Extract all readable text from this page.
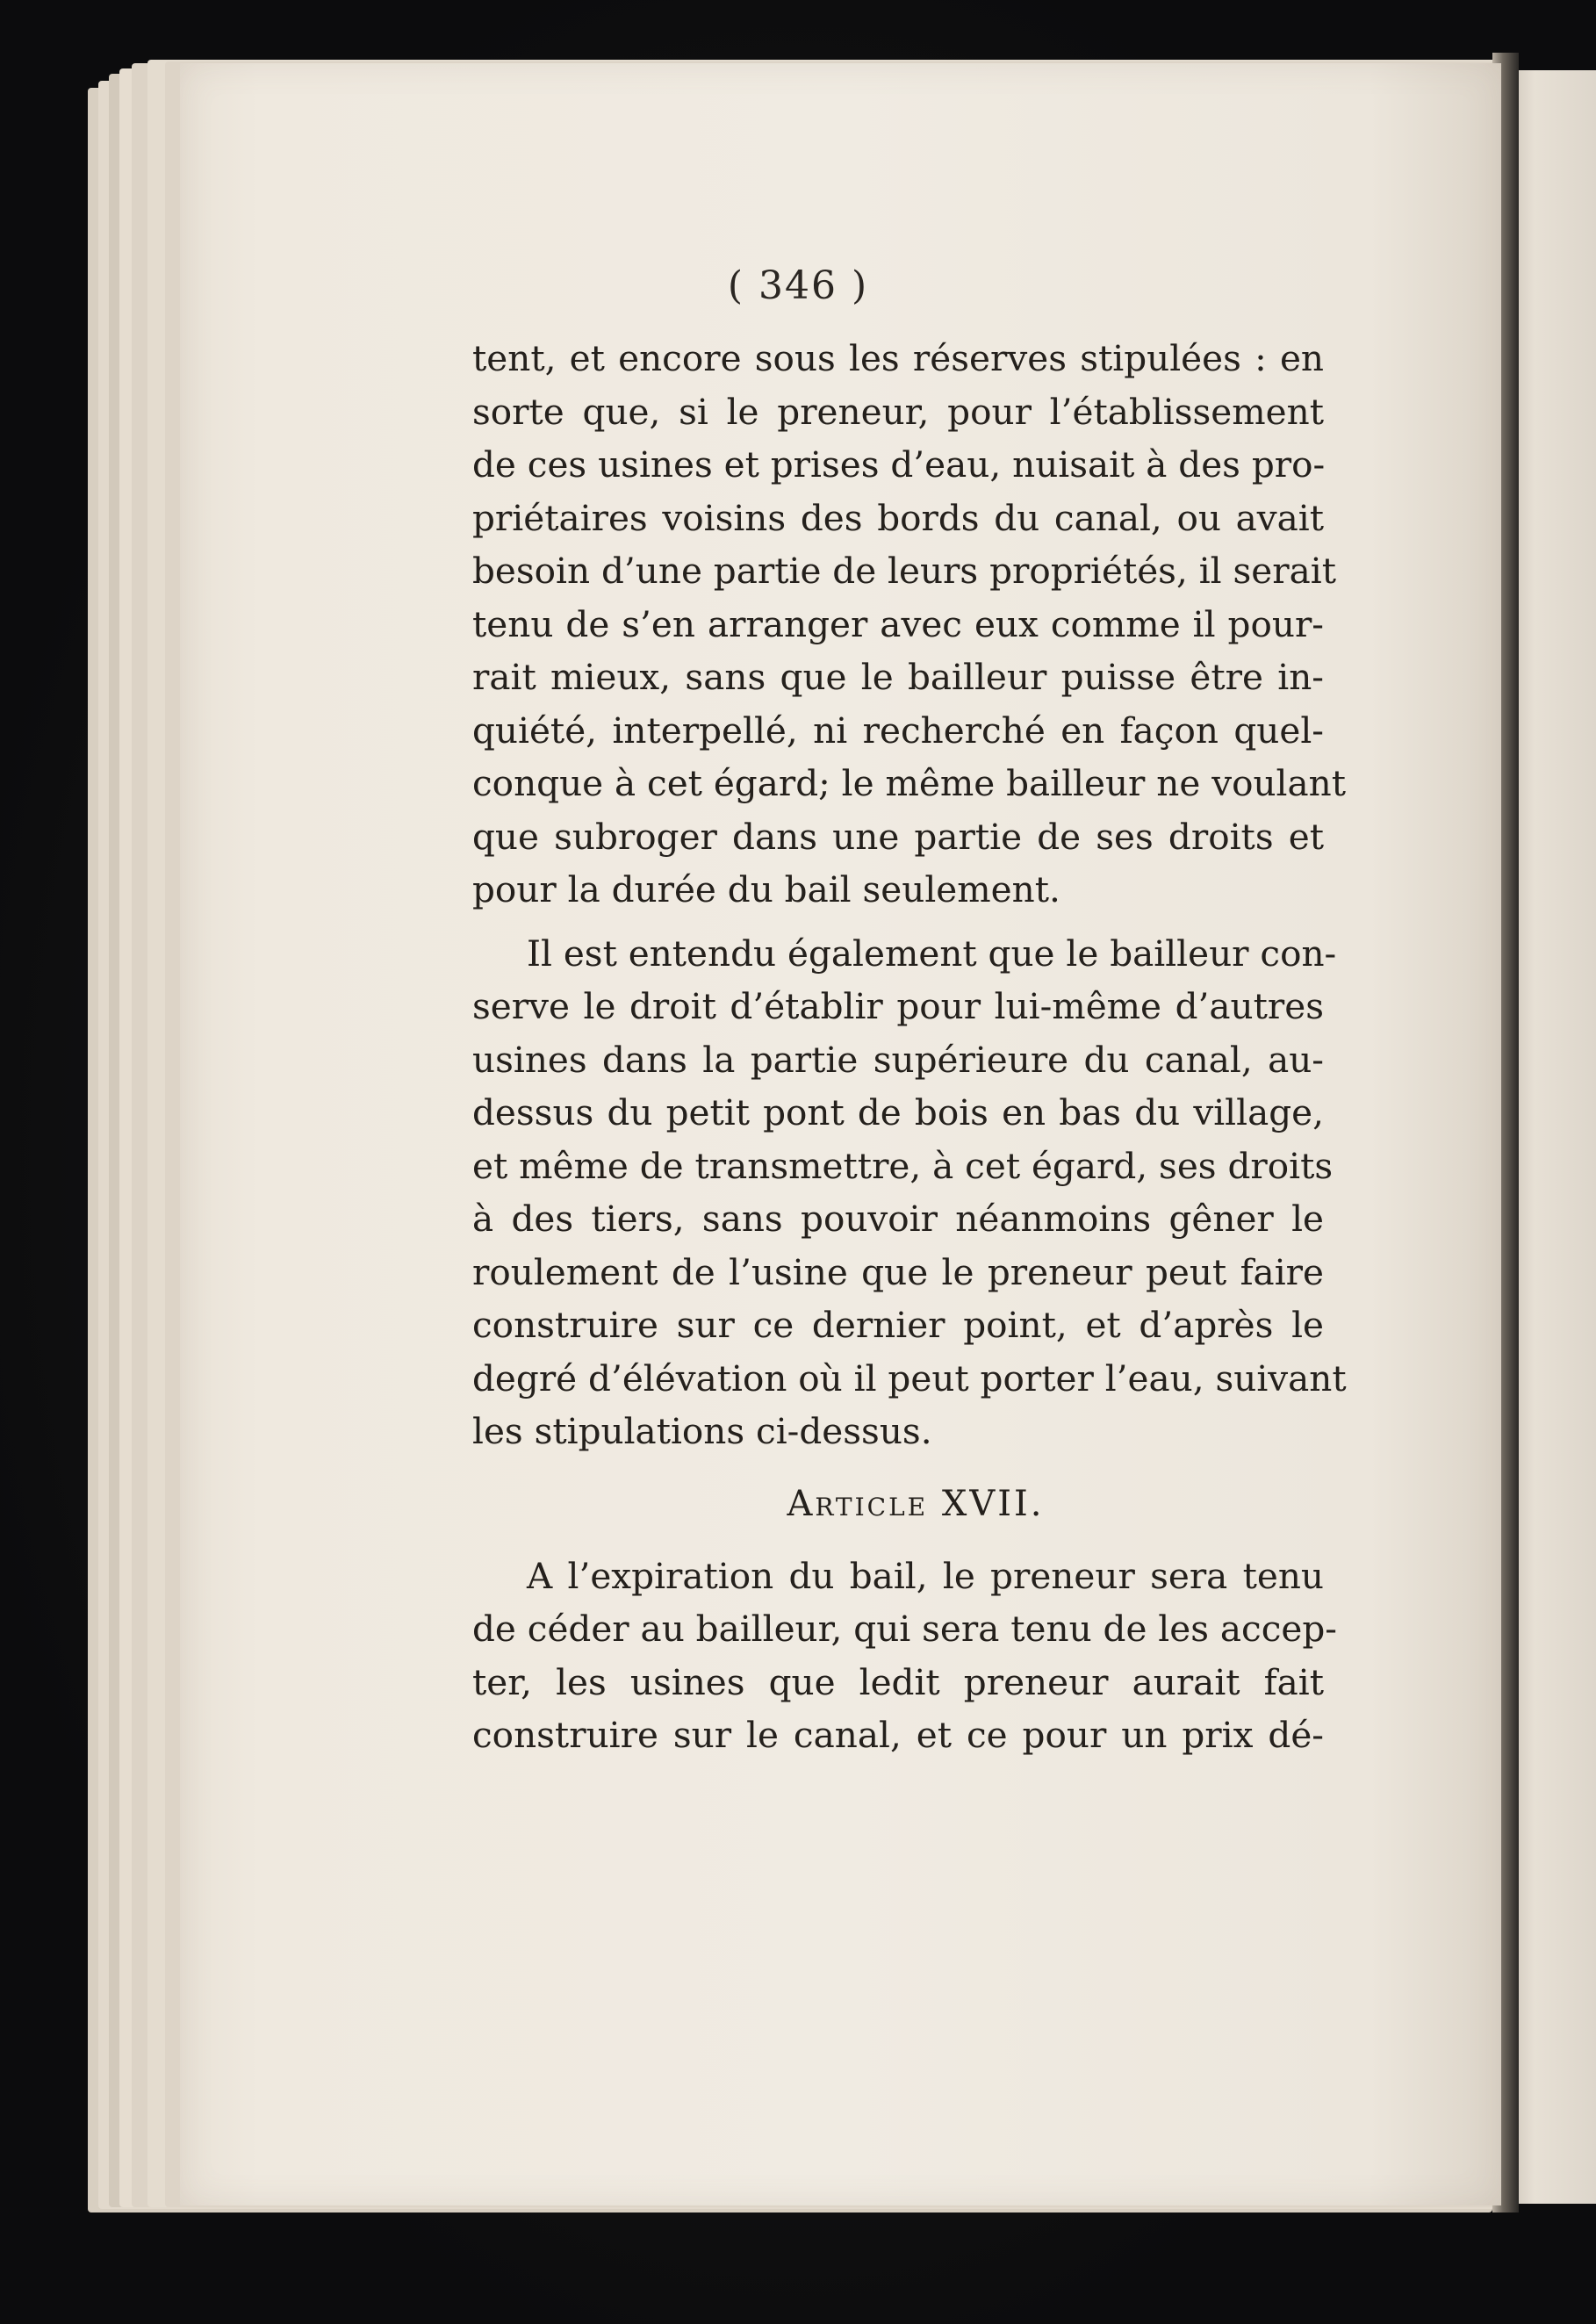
( 346 )
tent, et encore sous les réserves stipulées : en
sorte que, si le preneur, pour l’établissement
de ces usines et prises d’eau, nuisait à des pro-
priétaires voisins des bords du canal, ou avait
besoin d’une partie de leurs propriétés, il serait
tenu de s’en arranger avec eux comme il pour-
rait mieux, sans que le bailleur puisse être in-
quiété, interpellé, ni recherché en façon quel-
conque à cet égard; le même bailleur ne voulant
que subroger dans une partie de ses droits et
pour la durée du bail seulement.
Il est entendu également que le bailleur con-
serve le droit d’établir pour lui-même d’autres
usines dans la partie supérieure du canal, au-
dessus du petit pont de bois en bas du village,
et même de transmettre, à cet égard, ses droits
à des tiers, sans pouvoir néanmoins gêner le
roulement de l’usine que le preneur peut faire
construire sur ce dernier point, et d’après le
degré d’élévation où il peut porter l’eau, suivant
les stipulations ci-dessus.
Article XVII.
A l’expiration du bail, le preneur sera tenu
de céder au bailleur, qui sera tenu de les accep-
ter, les usines que ledit preneur aurait fait
construire sur le canal, et ce pour un prix dé-
